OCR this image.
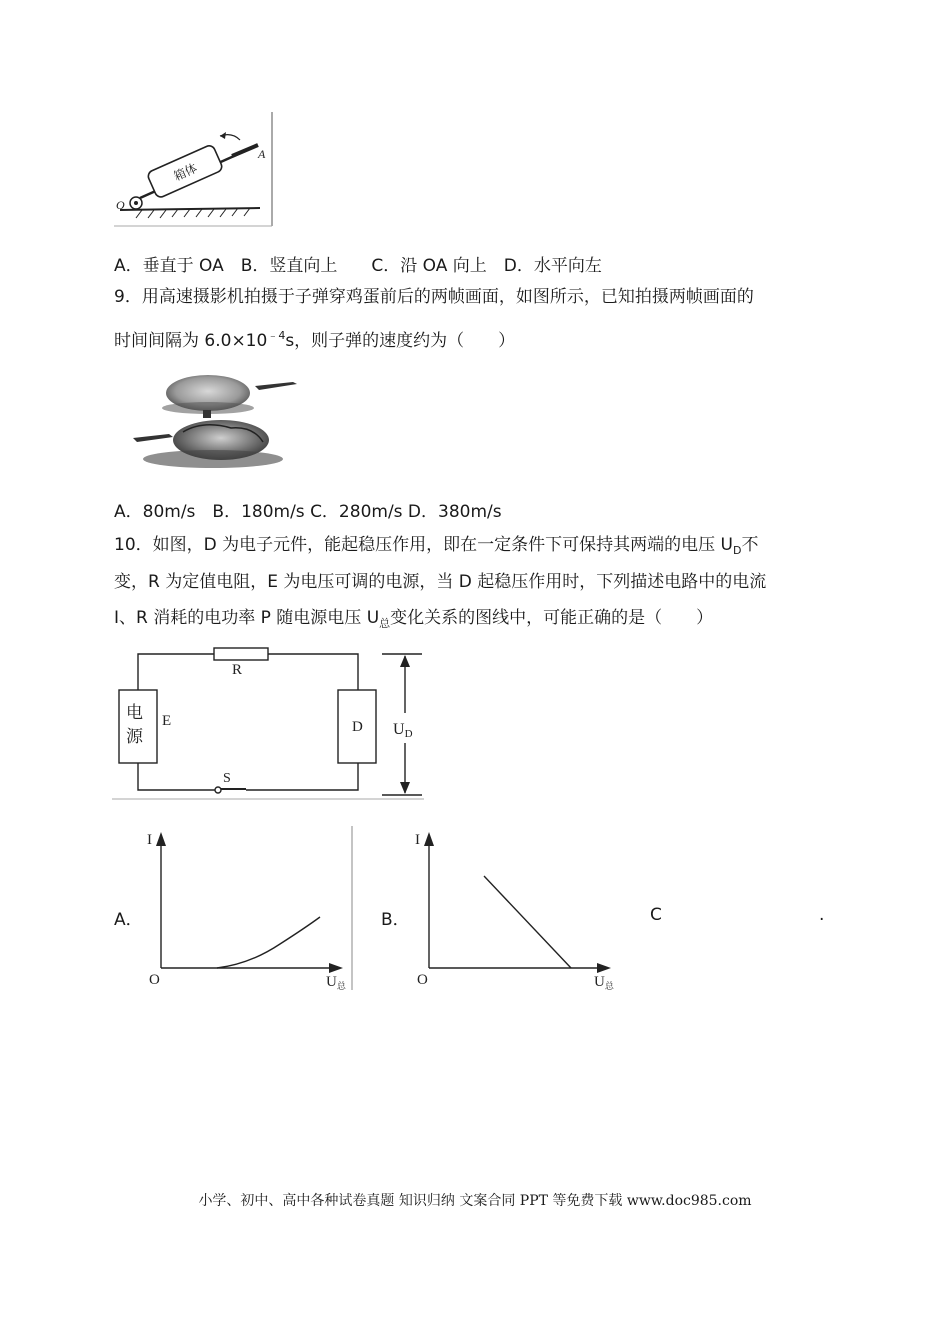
箱体
A
O
A．垂直于 OA　B．竖直向上　　C．沿 OA 向上　D．水平向左
9．用高速摄影机拍摄于子弹穿鸡蛋前后的两帧画面，如图所示，已知拍摄两帧画面的
时间间隔为 $6.0\times 10^{﹣4}s$，则子弹的速度约为（　　）
A．80m/s　B．180m/s C．280m/s D．380m/s
10．如图，D 为电子元件，能起稳压作用，即在一定条件下可保持其两端的电压 $U_D$不
变，R 为定值电阻，E 为电压可调的电源，当 D 起稳压作用时，下列描述电路中的电流
I、R 消耗的电功率 P 随电源电压 $U_总$变化关系的图线中，可能正确的是（　　）
R
电
源
E	D UD
S
A．
I
O	$U_总$
B．
I
O	$U_总$
C	.
小学、初中、高中各种试卷真题 知识归纳 文案合同 PPT 等免费下载 www.doc985.com
